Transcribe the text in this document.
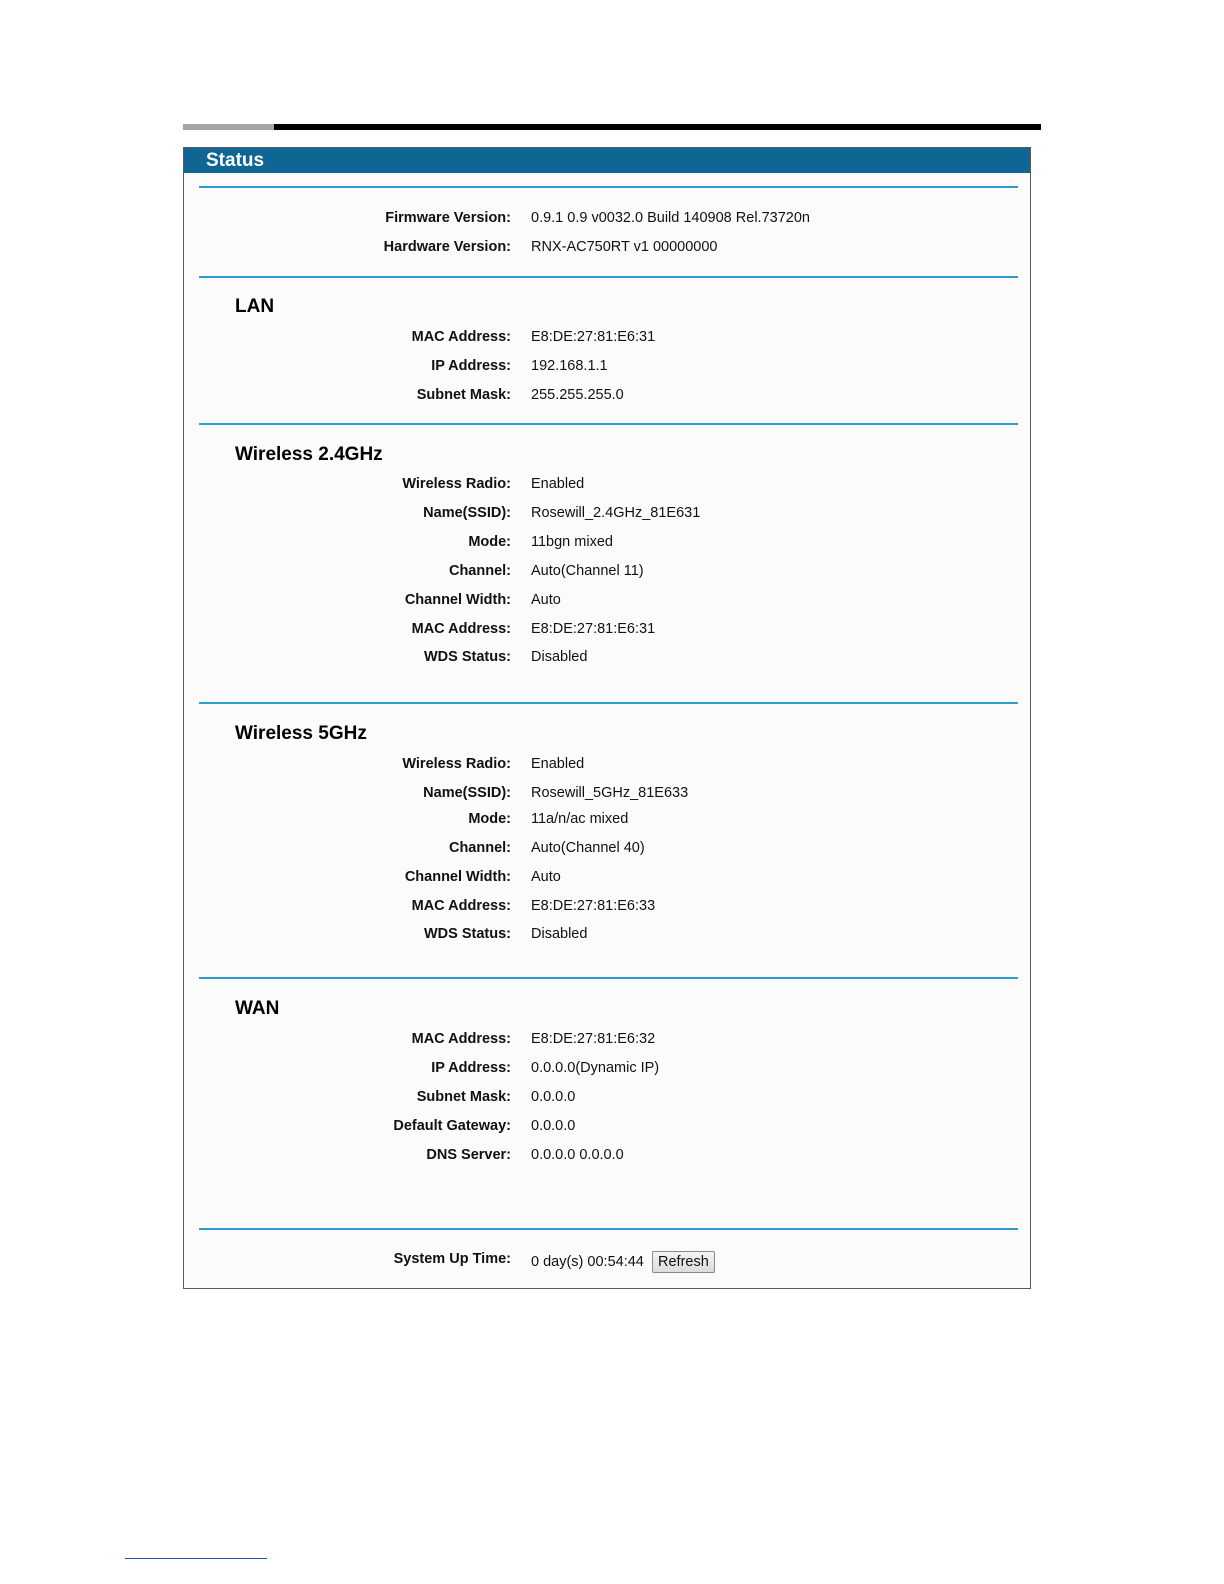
Status
Firmware Version: 0.9.1 0.9 v0032.0 Build 140908 Rel.73720n
Hardware Version: RNX-AC750RT v1 00000000
LAN
MAC Address: E8:DE:27:81:E6:31
IP Address: 192.168.1.1
Subnet Mask: 255.255.255.0
Wireless 2.4GHz
Wireless Radio: Enabled
Name(SSID): Rosewill_2.4GHz_81E631
Mode: 11bgn mixed
Channel: Auto(Channel 11)
Channel Width: Auto
MAC Address: E8:DE:27:81:E6:31
WDS Status: Disabled
Wireless 5GHz
Wireless Radio: Enabled
Name(SSID): Rosewill_5GHz_81E633
Mode: 11a/n/ac mixed
Channel: Auto(Channel 40)
Channel Width: Auto
MAC Address: E8:DE:27:81:E6:33
WDS Status: Disabled
WAN
MAC Address: E8:DE:27:81:E6:32
IP Address: 0.0.0.0(Dynamic IP)
Subnet Mask: 0.0.0.0
Default Gateway: 0.0.0.0
DNS Server: 0.0.0.0 0.0.0.0
System Up Time: 0 day(s) 00:54:44 Refresh
